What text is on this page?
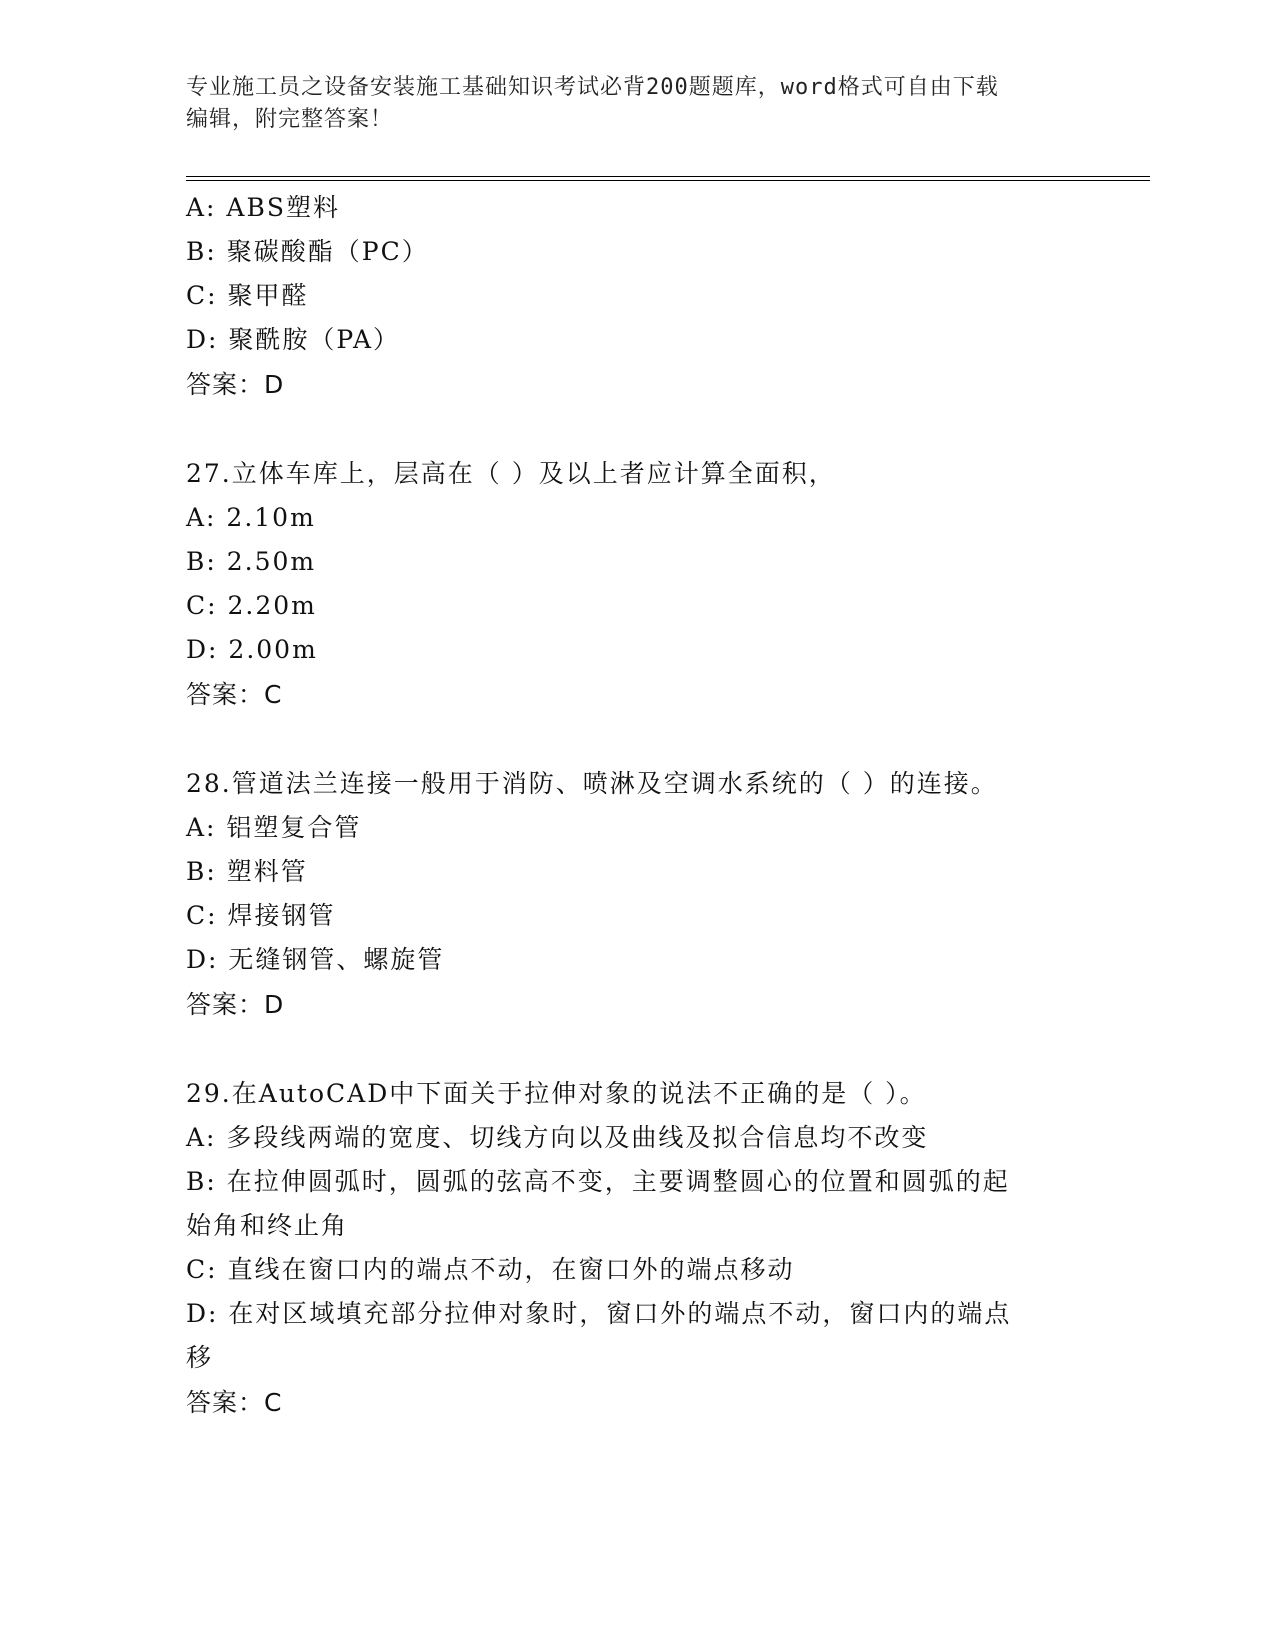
专业施工员之设备安装施工基础知识考试必背200题题库，word格式可自由下载
编辑，附完整答案！
A: ABS塑料
B: 聚碳酸酯（PC）
C: 聚甲醛
D: 聚酰胺（PA）
答案：D
27.立体车库上，层高在（ ）及以上者应计算全面积，
A: 2.10m
B: 2.50m
C: 2.20m
D: 2.00m
答案：C
28.管道法兰连接一般用于消防、喷淋及空调水系统的（ ）的连接。
A: 铝塑复合管
B: 塑料管
C: 焊接钢管
D: 无缝钢管、螺旋管
答案：D
29.在AutoCAD中下面关于拉伸对象的说法不正确的是（ ）。
A: 多段线两端的宽度、切线方向以及曲线及拟合信息均不改变
B: 在拉伸圆弧时，圆弧的弦高不变，主要调整圆心的位置和圆弧的起
始角和终止角
C: 直线在窗口内的端点不动，在窗口外的端点移动
D: 在对区域填充部分拉伸对象时，窗口外的端点不动，窗口内的端点
移
答案：C
